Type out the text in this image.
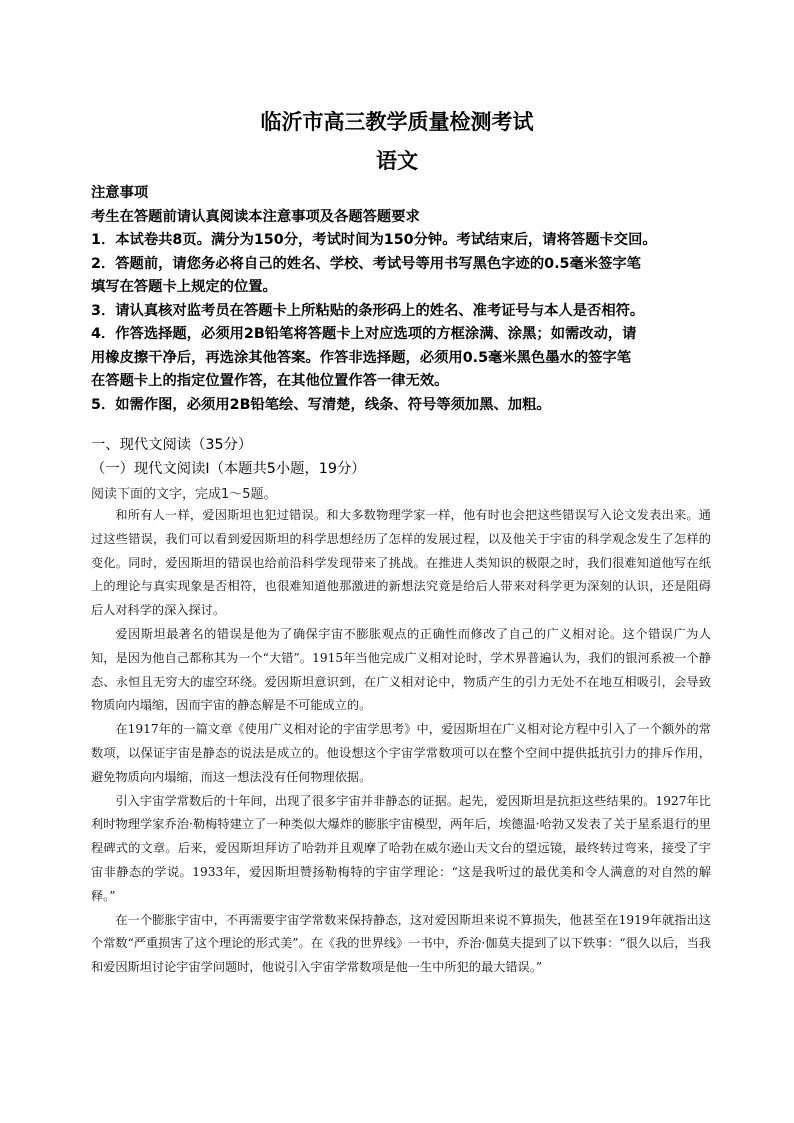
临沂市高三教学质量检测考试
语文
注意事项
考生在答题前请认真阅读本注意事项及各题答题要求
1．本试卷共8页。满分为150分，考试时间为150分钟。考试结束后，请将答题卡交回。
2．答题前，请您务必将自己的姓名、学校、考试号等用书写黑色字迹的0.5毫米签字笔
填写在答题卡上规定的位置。
3．请认真核对监考员在答题卡上所粘贴的条形码上的姓名、准考证号与本人是否相符。
4．作答选择题，必须用2B铅笔将答题卡上对应选项的方框涂满、涂黑；如需改动，请
用橡皮擦干净后，再选涂其他答案。作答非选择题，必须用0.5毫米黑色墨水的签字笔
在答题卡上的指定位置作答，在其他位置作答一律无效。
5．如需作图，必须用2B铅笔绘、写清楚，线条、符号等须加黑、加粗。
一、现代文阅读（35分）
（一）现代文阅读Ⅰ（本题共5小题，19分）
阅读下面的文字，完成1～5题。

和所有人一样，爱因斯坦也犯过错误。和大多数物理学家一样，他有时也会把这些错误写入论文发表出来。通过这些错误，我们可以看到爱因斯坦的科学思想经历了怎样的发展过程，以及他关于宇宙的科学观念发生了怎样的变化。同时，爱因斯坦的错误也给前沿科学发现带来了挑战。在推进人类知识的极限之时，我们很难知道他写在纸上的理论与真实现象是否相符，也很难知道他那激进的新想法究竟是给后人带来对科学更为深刻的认识，还是阻碍后人对科学的深入探讨。

爱因斯坦最著名的错误是他为了确保宇宙不膨胀观点的正确性而修改了自己的广义相对论。这个错误广为人知，是因为他自己都称其为一个“大错”。1915年当他完成广义相对论时，学术界普遍认为，我们的银河系被一个静态、永恒且无穷大的虚空环绕。爱因斯坦意识到，在广义相对论中，物质产生的引力无处不在地互相吸引，会导致物质向内塌缩，因而宇宙的静态解是不可能成立的。

在1917年的一篇文章《使用广义相对论的宇宙学思考》中，爱因斯坦在广义相对论方程中引入了一个额外的常数项，以保证宇宙是静态的说法是成立的。他设想这个宇宙学常数项可以在整个空间中提供抵抗引力的排斥作用，避免物质向内塌缩，而这一想法没有任何物理依据。

引入宇宙学常数后的十年间，出现了很多宇宙并非静态的证据。起先，爱因斯坦是抗拒这些结果的。1927年比利时物理学家乔治·勒梅特建立了一种类似大爆炸的膨胀宇宙模型，两年后，埃德温·哈勃又发表了关于星系退行的里程碑式的文章。后来，爱因斯坦拜访了哈勃并且观摩了哈勃在威尔逊山天文台的望远镜，最终转过弯来，接受了宇宙非静态的学说。1933年，爱因斯坦赞扬勒梅特的宇宙学理论：“这是我听过的最优美和令人满意的对自然的解释。”

在一个膨胀宇宙中，不再需要宇宙学常数来保持静态，这对爱因斯坦来说不算损失，他甚至在1919年就指出这个常数“严重损害了这个理论的形式美”。在《我的世界线》一书中，乔治·伽莫夫提到了以下轶事：“很久以后，当我和爱因斯坦讨论宇宙学问题时，他说引入宇宙学常数项是他一生中所犯的最大错误。”
